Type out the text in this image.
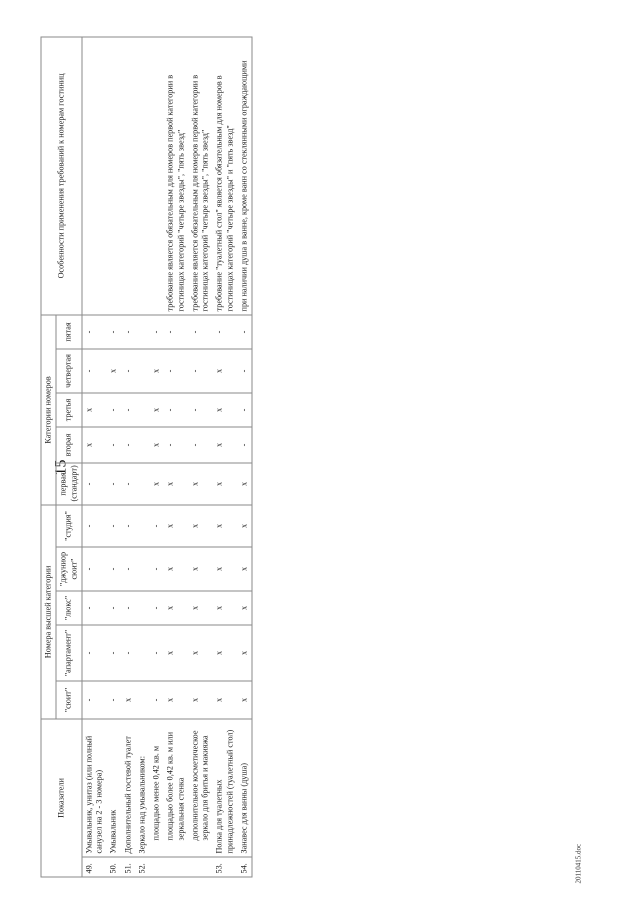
15
20110415.doc
Показатели		Номера высшей категории					Категории номеров					Особенности применения требований к номерам гостиниц
		"сюит"	"апартамент"	"люкс"	"джуниор сюит"	"студия"	первая (стандарт)	вторая	третья	четвертая	пятая	
49.	Умывальник, унитаз (или полный санузел на 2 - 3 номера)	-	-	-	-	-	-	х	х	-	-	
50.	Умывальник	-	-	-	-	-	-	-	-	х	-	
51.	Дополнительный гостевой туалет	х	-	-	-	-	-	-	-	-	-	
52.	Зеркало над умывальником:											
	площадью менее 0,42 кв. м	-	-	-	-	-	х	х	х	х	-	
	площадью более 0,42 кв. м или зеркальная стенка	х	х	х	х	х	х	-	-	-	-	требование является обязательным для номеров первой категории в гостиницах категорий "четыре звезды", "пять звезд"
	дополнительное косметическое зеркало для бритья и макияжа	х	х	х	х	х	х	-	-	-	-	требование является обязательным для номеров первой категории в гостиницах категорий "четыре звезды", "пять звезд"
53.	Полка для туалетных принадлежностей (туалетный стол)	х	х	х	х	х	х	х	х	х	-	требование "туалетный стол" является обязательным для номеров в гостиницах категорий "четыре звезды" и "пять звезд"
54.	Занавес для ванны (душа)	х	х	х	х	х	х	-	-	-	-	при наличии душа в ванне, кроме ванн со стеклянными ограждающими
